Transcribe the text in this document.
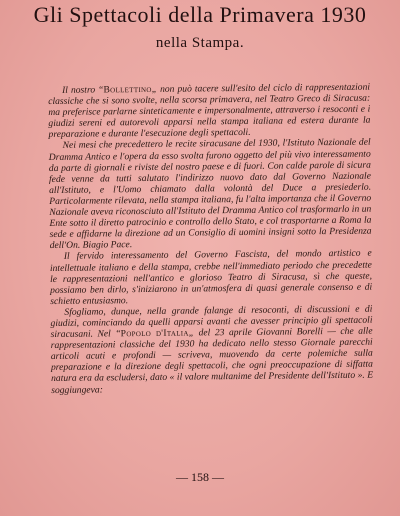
Gli Spettacoli della Primavera 1930
nella Stampa.

Il nostro “Bollettino„ non può tacere sull'esito del ciclo di rappresentazioni classiche che si sono svolte, nella scorsa primavera, nel Teatro Greco di Siracusa: ma preferisce parlarne sinteticamente e impersonalmente, attraverso i resoconti e i giudizi sereni ed autorevoli apparsi nella stampa italiana ed estera durante la preparazione e durante l'esecuzione degli spettacoli.

Nei mesi che precedettero le recite siracusane del 1930, l'Istituto Nazionale del Dramma Antico e l'opera da esso svolta furono oggetto del più vivo interessamento da parte di giornali e riviste del nostro paese e di fuori. Con calde parole di sicura fede venne da tutti salutato l'indirizzo nuovo dato dal Governo Nazionale all'Istituto, e l'Uomo chiamato dalla volontà del Duce a presiederlo. Particolarmente rilevata, nella stampa italiana, fu l'alta importanza che il Governo Nazionale aveva riconosciuto all'Istituto del Dramma Antico col trasformarlo in un Ente sotto il diretto patrocinio e controllo dello Stato, e col trasportarne a Roma la sede e affidarne la direzione ad un Consiglio di uomini insigni sotto la Presidenza dell'On. Biagio Pace.

Il fervido interessamento del Governo Fascista, del mondo artistico e intellettuale italiano e della stampa, crebbe nell'immediato periodo che precedette le rappresentazioni nell'antico e glorioso Teatro di Siracusa, sì che queste, possiamo ben dirlo, s'iniziarono in un'atmosfera di quasi generale consenso e di schietto entusiasmo.

Sfogliamo, dunque, nella grande falange di resoconti, di discussioni e di giudizi, cominciando da quelli apparsi avanti che avesser principio gli spettacoli siracusani. Nel “Popolo d'Italia„ del 23 aprile Giovanni Borelli — che alle rappresentazioni classiche del 1930 ha dedicato nello stesso Giornale parecchi articoli acuti e profondi — scriveva, muovendo da certe polemiche sulla preparazione e la direzione degli spettacoli, che ogni preoccupazione di siffatta natura era da escludersi, dato « il valore multanime del Presidente dell'Istituto ». E soggiungeva:

— 158 —
